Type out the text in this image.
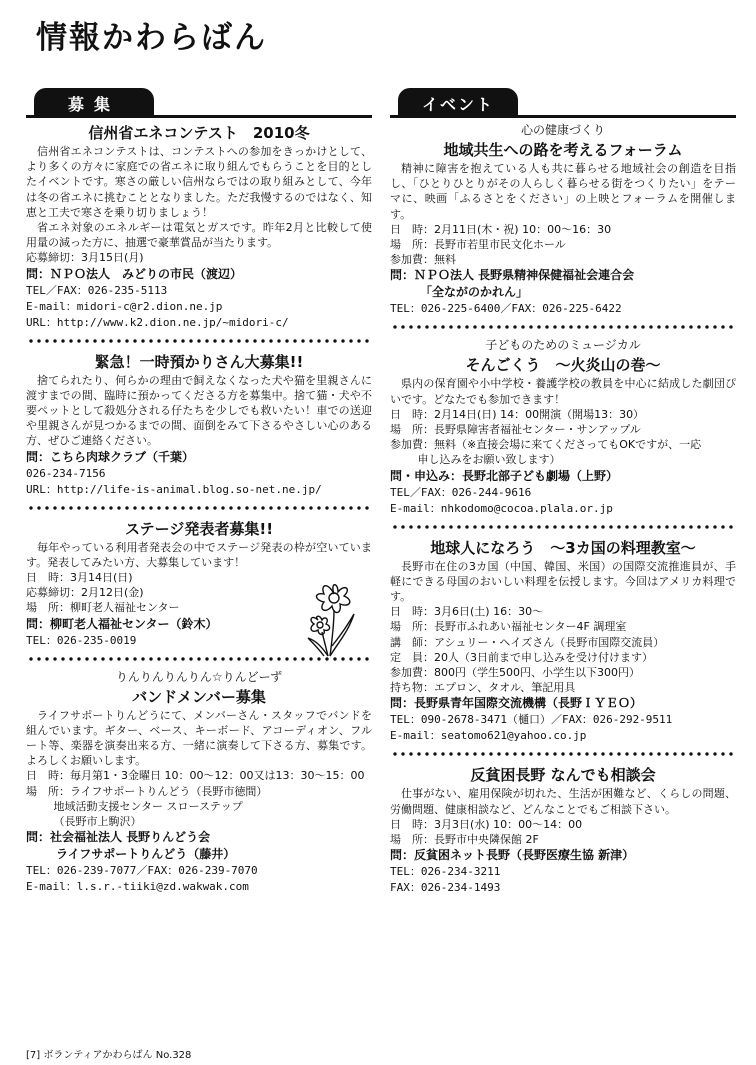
情報かわらばん
募集
信州省エネコンテスト　2010冬

信州省エネコンテストは、コンテストへの参加をきっかけとして、より多くの方々に家庭での省エネに取り組んでもらうことを目的としたイベントです。寒さの厳しい信州ならではの取り組みとして、今年は冬の省エネに挑むこととなりました。ただ我慢するのではなく、知恵と工夫で寒さを乗り切りましょう！

省エネ対象のエネルギーは電気とガスです。昨年2月と比較して使用量の減った方に、抽選で豪華賞品が当たります。

応募締切：3月15日(月)
問：ＮＰＯ法人　みどりの市民（渡辺）
TEL／FAX：026-235-5113
E-mail：midori-c@r2.dion.ne.jp
URL：http://www.k2.dion.ne.jp/~midori-c/
緊急！一時預かりさん大募集!!

捨てられたり、何らかの理由で飼えなくなった犬や猫を里親さんに渡すまでの間、臨時に預かってくださる方を募集中。捨て猫・犬や不要ペットとして殺処分される仔たちを少しでも救いたい！車での送迎や里親さんが見つかるまでの間、面倒をみて下さるやさしい心のある方、ぜひご連絡ください。

問：こちら肉球クラブ（千葉）
026-234-7156
URL：http://life-is-animal.blog.so-net.ne.jp/
ステージ発表者募集!!

毎年やっている利用者発表会の中でステージ発表の枠が空いています。発表してみたい方、大募集しています！

日　時：3月14日(日)
応募締切：2月12日(金)
場　所：柳町老人福祉センター
問：柳町老人福祉センター（鈴木）
TEL：026-235-0019
りんりんりんりん☆りんどーず
バンドメンバー募集

ライフサポートりんどうにて、メンバーさん・スタッフでバンドを組んでいます。ギター、ベース、キーボード、アコーディオン、フルート等、楽器を演奏出来る方、一緒に演奏して下さる方、募集です。よろしくお願いします。

日　時：毎月第1・3金曜日 10：00～12：00又は13：30～15：00
場　所：ライフサポートりんどう（長野市徳間）
地域活動支援センター スローステップ
（長野市上駒沢）
問：社会福祉法人 長野りんどう会
ライフサポートりんどう（藤井）
TEL：026-239-7077／FAX：026-239-7070
E-mail：l.s.r.-tiiki@zd.wakwak.com
イベント
心の健康づくり
地域共生への路を考えるフォーラム

精神に障害を抱えている人も共に暮らせる地域社会の創造を目指し、「ひとりひとりがその人らしく暮らせる街をつくりたい」をテーマに、映画「ふるさとをください」の上映とフォーラムを開催します。

日　時：2月11日(木・祝) 10：00～16：30
場　所：長野市若里市民文化ホール
参加費：無料
問：ＮＰＯ法人 長野県精神保健福祉会連合会
「全ながのかれん」
TEL：026-225-6400／FAX：026-225-6422
子どものためのミュージカル
そんごくう　～火炎山の巻～

県内の保育園や小中学校・養護学校の教員を中心に結成した劇団ぴいです。どなたでも参加できます！

日　時：2月14日(日) 14：00開演（開場13：30）
場　所：長野県障害者福祉センター・サンアップル
参加費：無料（※直接会場に来てくださってもOKですが、一応
申し込みをお願い致します）
問・申込み：長野北部子ども劇場（上野）
TEL／FAX：026-244-9616
E-mail：nhkodomo@cocoa.plala.or.jp
地球人になろう　～3カ国の料理教室～

長野市在住の3カ国（中国、韓国、米国）の国際交流推進員が、手軽にできる母国のおいしい料理を伝授します。今回はアメリカ料理です。

日　時：3月6日(土) 16：30～
場　所：長野市ふれあい福祉センター4F 調理室
講　師：アシュリー・ヘイズさん（長野市国際交流員）
定　員：20人（3日前まで申し込みを受け付けます）
参加費：800円（学生500円、小学生以下300円）
持ち物：エプロン、タオル、筆記用具
問：長野県青年国際交流機構（長野ＩＹＥＯ）
TEL：090-2678-3471（樋口）／FAX：026-292-9511
E-mail：seatomo621@yahoo.co.jp
反貧困長野 なんでも相談会

仕事がない、雇用保険が切れた、生活が困難など、くらしの問題、労働問題、健康相談など、どんなことでもご相談下さい。

日　時：3月3日(水) 10：00～14：00
場　所：長野市中央隣保館 2F
問：反貧困ネット長野（長野医療生協 新津）
TEL：026-234-3211
FAX：026-234-1493
[7] ボランティアかわらばん No.328
